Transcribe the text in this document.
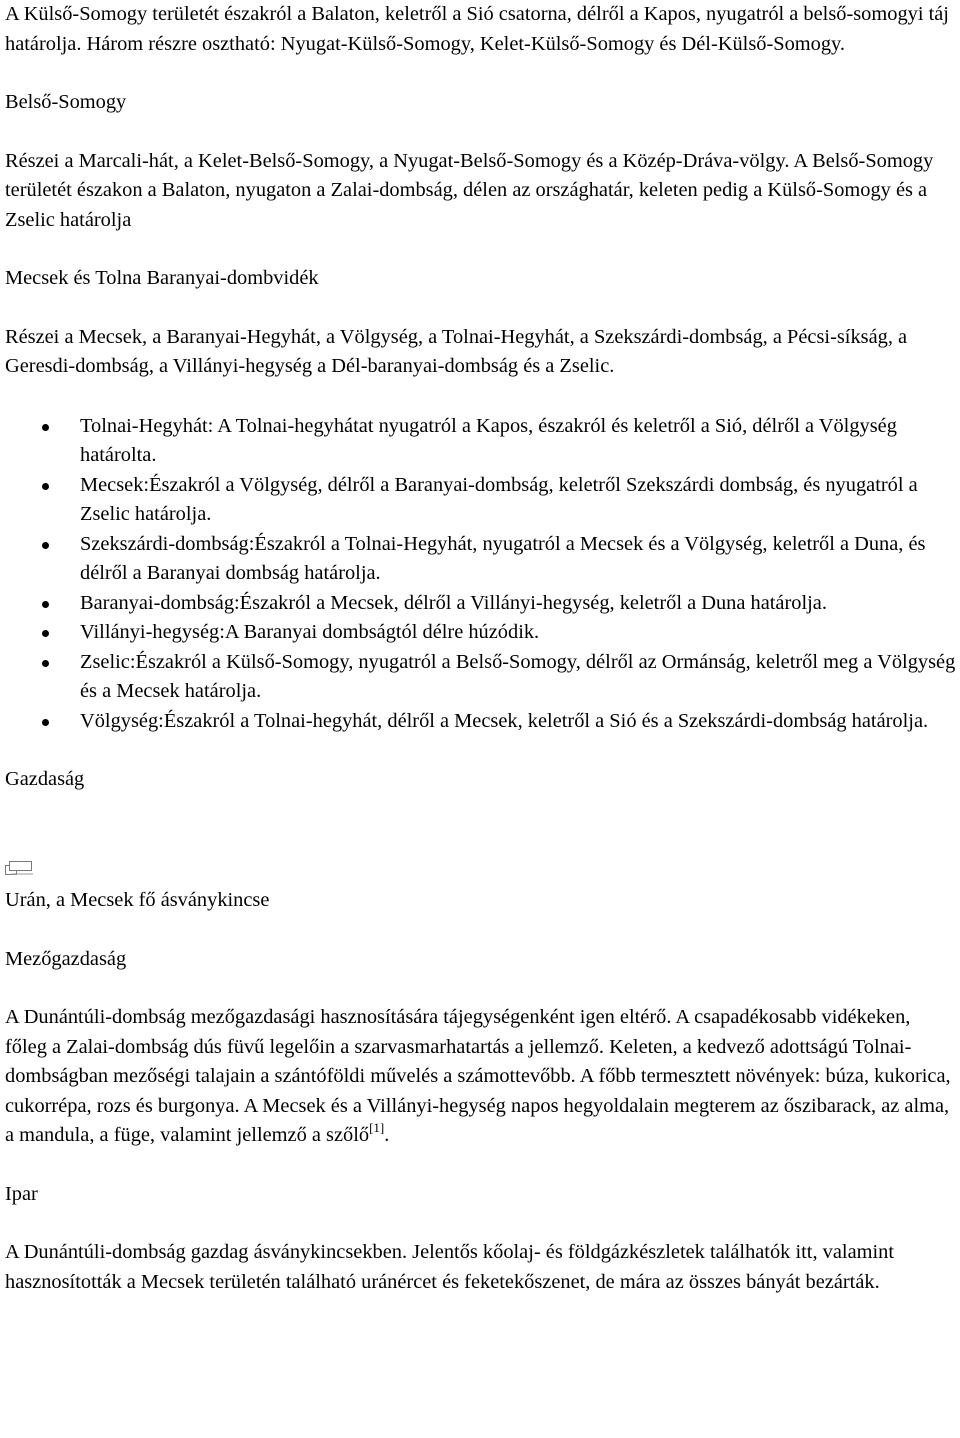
A Külső-Somogy területét északról a Balaton, keletről a Sió csatorna, délről a Kapos, nyugatról a belső-somogyi táj határolja. Három részre osztható: Nyugat-Külső-Somogy, Kelet-Külső-Somogy és Dél-Külső-Somogy.

Belső-Somogy

Részei a Marcali-hát, a Kelet-Belső-Somogy, a Nyugat-Belső-Somogy és a Közép-Dráva-völgy. A Belső-Somogy területét északon a Balaton, nyugaton a Zalai-dombság, délen az országhatár, keleten pedig a Külső-Somogy és a Zselic határolja

Mecsek és Tolna Baranyai-dombvidék

Részei a Mecsek, a Baranyai-Hegyhát, a Völgység, a Tolnai-Hegyhát, a Szekszárdi-dombság, a Pécsi-síkság, a Geresdi-dombság, a Villányi-hegység a Dél-baranyai-dombság és a Zselic.

Tolnai-Hegyhát: A Tolnai-hegyhátat nyugatról a Kapos, északról és keletről a Sió, délről a Völgység határolta.
Mecsek:Északról a Völgység, délről a Baranyai-dombság, keletről Szekszárdi dombság, és nyugatról a Zselic határolja.
Szekszárdi-dombság:Északról a Tolnai-Hegyhát, nyugatról a Mecsek és a Völgység, keletről a Duna, és délről a Baranyai dombság határolja.
Baranyai-dombság:Északról a Mecsek, délről a Villányi-hegység, keletről a Duna határolja.
Villányi-hegység:A Baranyai dombságtól délre húzódik.
Zselic:Északról a Külső-Somogy, nyugatról a Belső-Somogy, délről az Ormánság, keletről meg a Völgység és a Mecsek határolja.
Völgység:Északról a Tolnai-hegyhát, délről a Mecsek, keletről a Sió és a Szekszárdi-dombság határolja.

Gazdaság

Urán, a Mecsek fő ásványkincse

Mezőgazdaság

A Dunántúli-dombság mezőgazdasági hasznosítására tájegységenként igen eltérő. A csapadékosabb vidékeken, főleg a Zalai-dombság dús füvű legelőin a szarvasmarhatartás a jellemző. Keleten, a kedvező adottságú Tolnai-dombságban mezőségi talajain a szántóföldi művelés a számottevőbb. A főbb termesztett növények: búza, kukorica, cukorrépa, rozs és burgonya. A Mecsek és a Villányi-hegység napos hegyoldalain megterem az őszibarack, az alma, a mandula, a füge, valamint jellemző a szőlő[1].

Ipar

A Dunántúli-dombság gazdag ásványkincsekben. Jelentős kőolaj- és földgázkészletek találhatók itt, valamint hasznosították a Mecsek területén található uránércet és feketekőszenet, de mára az összes bányát bezárták.
